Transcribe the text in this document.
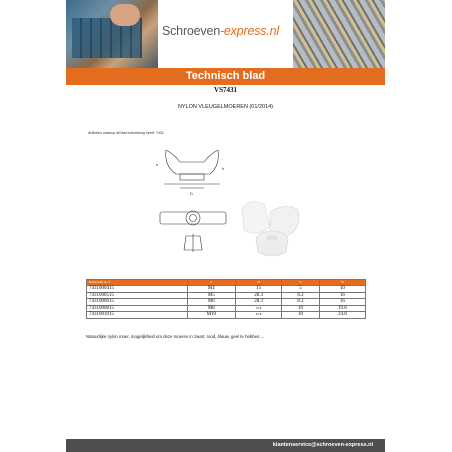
Schroeven-express.nl
Technisch blad
VS7431
NYLON VLEUGELMOEREN (01/2014)
Artikelen waarop dit blad betrekking heeft: 7431
e
D
h
Referentie nr. 5	d	D	h	H
7431000415	M4	15	5	10
7431000515	M5	28.3	8.2	16
7431000615	M6	28.3	8.2	16
7431000815	M8	35.8	10	19.8
7431001015	M10	45.8	10	24.8
Natuurlijke nylon moer, mogelijkheid om deze moeren in zwart, rood, blauw, geel te hebben....
klantenservice@schroeven-express.nl
